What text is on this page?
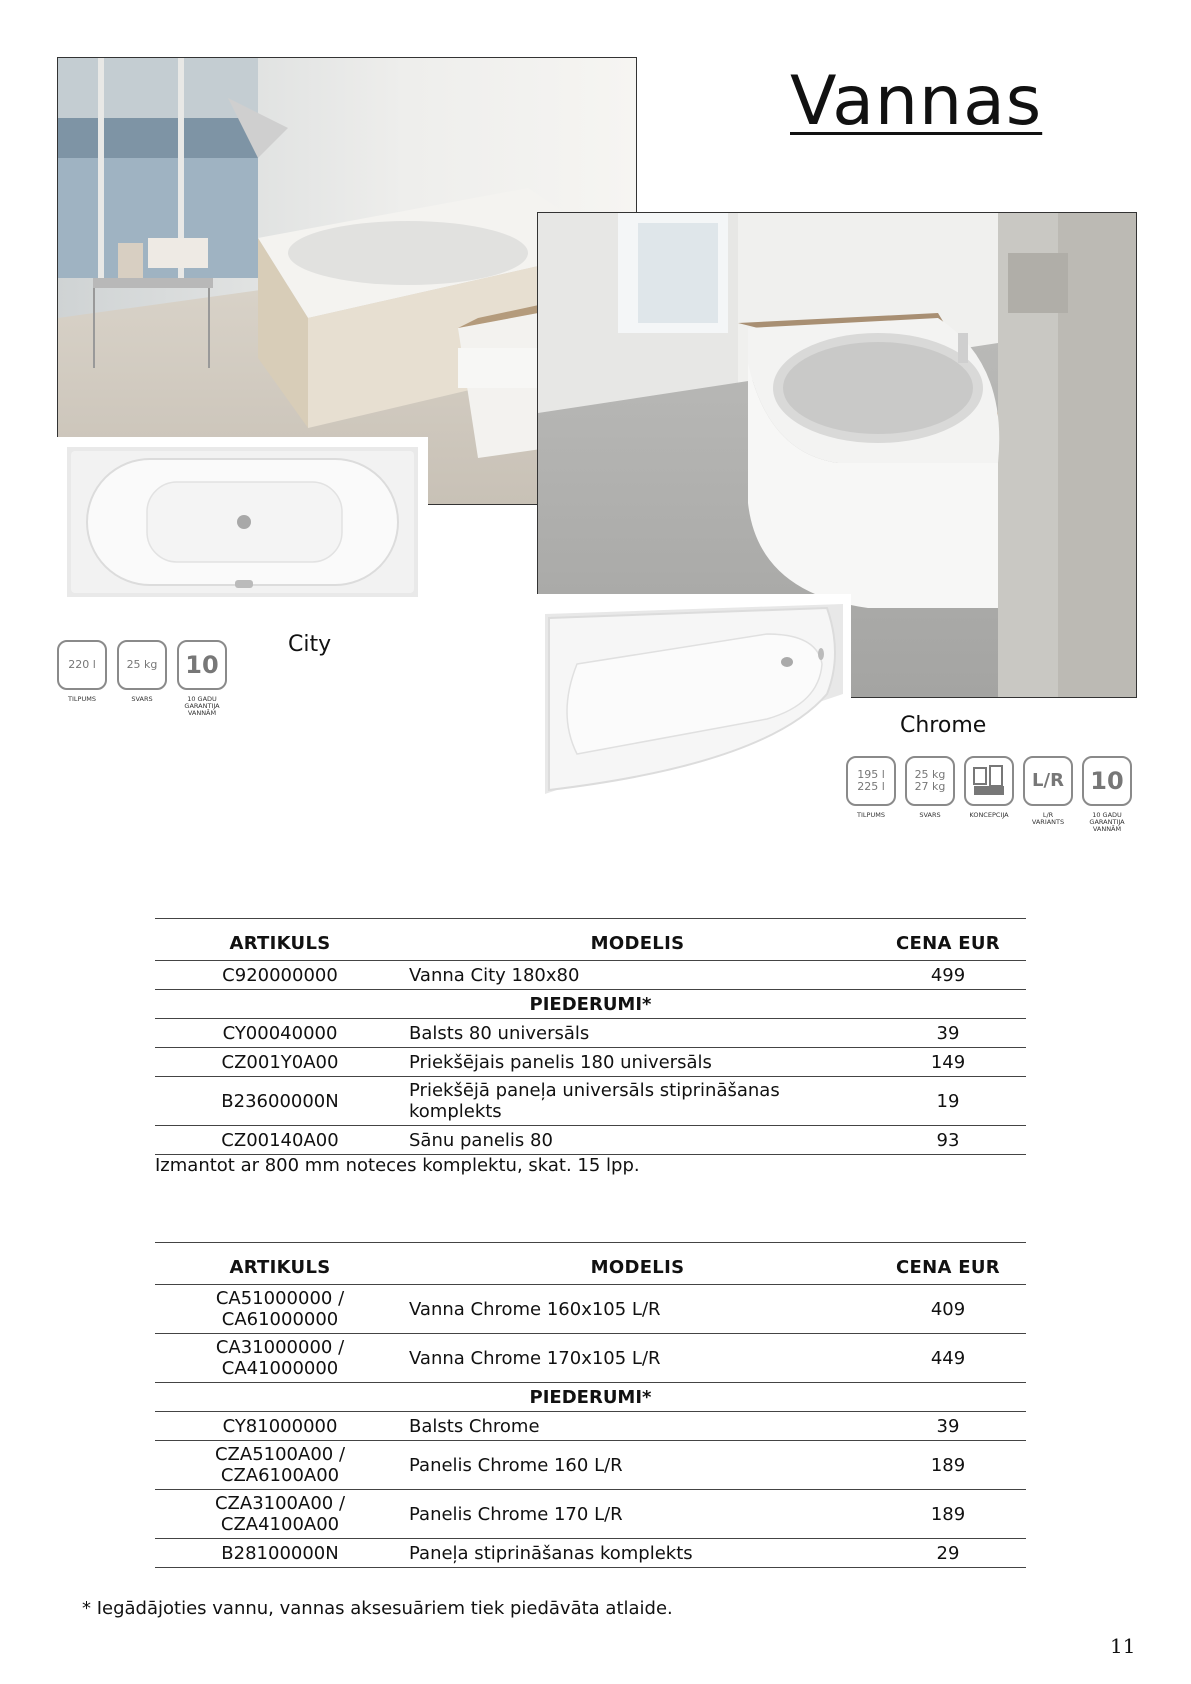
Vannas
City
220 l
TILPUMS
25 kg
SVARS
10
10 GADU
GARANTIJA
VANNĀM	Chrome
195 l
225 l
TILPUMS
25 kg
27 kg
SVARS	KONCEPCIJA
L/R
L/R
VARIANTS
10
10 GADU
GARANTIJA
VANNĀM
ARTIKULS	MODELIS	CENA EUR
C920000000	Vanna City 180x80	499
PIEDERUMI*		
CY00040000	Balsts 80 universāls	39
CZ001Y0A00	Priekšējais panelis 180 universāls	149
B23600000N	Priekšējā paneļa universāls stiprināšanas komplekts	19
CZ00140A00	Sānu panelis 80	93
Izmantot ar 800 mm noteces komplektu, skat. 15 lpp.
ARTIKULS	MODELIS	CENA EUR
CA51000000 / CA61000000	Vanna Chrome 160x105 L/R	409
CA31000000 / CA41000000	Vanna Chrome 170x105 L/R	449
PIEDERUMI*		
CY81000000	Balsts Chrome	39
CZA5100A00 / CZA6100A00	Panelis Chrome 160 L/R	189
CZA3100A00 / CZA4100A00	Panelis Chrome 170 L/R	189
B28100000N	Paneļa stiprināšanas komplekts	29
* Iegādājoties vannu, vannas aksesuāriem tiek piedāvāta atlaide.
11
